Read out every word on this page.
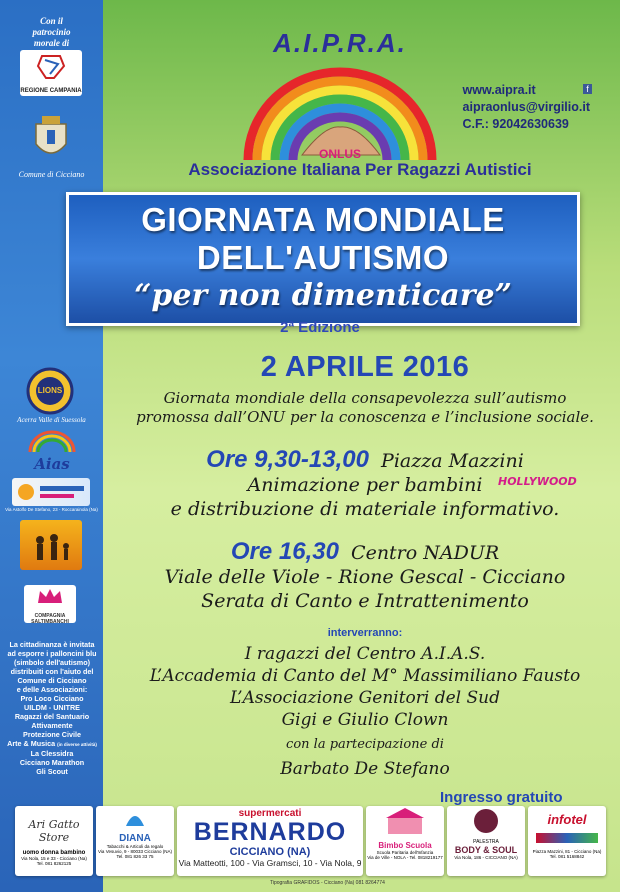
Con il
patrocinio
morale di
REGIONE CAMPANIA
Comune di Cicciano
LIONS
Acerra Valle di Suessola
Aias
Via Astolfo De Stefano, 23 - Roccarainola (Na)
COMPAGNIA SALTIMBANCHI
La cittadinanza è invitata
ad esporre i palloncini blu
(simbolo dell'autismo)
distribuiti con l'aiuto del
Comune di Cicciano
e delle Associazioni:
Pro Loco Cicciano
UILDM - UNITRE
Ragazzi del Santuario
Attivamente
Protezione Civile
Arte & Musica (in diverse attività)
La Clessidra
Cicciano Marathon
Gli Scout
A.I.P.R.A.
ONLUS
Associazione Italiana Per Ragazzi Autistici
www.aipra.it
aipraonlus@virgilio.it
C.F.: 92042630639
f
GIORNATA MONDIALE
DELL'AUTISMO
“per non dimenticare”
2ª Edizione
2 APRILE 2016
Giornata mondiale della consapevolezza sull’autismo
promossa dall’ONU per la conoscenza e l’inclusione sociale.
Ore 9,30-13,00 Piazza Mazzini
Animazione per bambini
e distribuzione di materiale informativo.
HOLLYWOOD
Ore 16,30 Centro NADUR
Viale delle Viole - Rione Gescal - Cicciano
Serata di Canto e Intrattenimento
interverranno:
I ragazzi del Centro A.I.A.S.
L’Accademia di Canto del M° Massimiliano Fausto
L’Associazione Genitori del Sud
Gigi e Giulio Clown
con la partecipazione di
Barbato De Stefano
Ingresso gratuito
Ari Gatto Store
uomo donna bambino
Via Nola, 15 e 33 - Cicciano (Na)
Tel. 081 8262125
DIANA
Tabacchi & Articoli da regalo
Via Vesuvio, 9 - 80033 Cicciano (NA)
Tel. 081 826 33 75
supermercati
BERNARDO
CICCIANO (NA)
Via Matteotti, 100 - Via Gramsci, 10 - Via Nola, 9
Bimbo Scuola
Scuola Paritaria dell'Infanzia
Via de Ville - NOLA - Tel. 0818219177
PALESTRA
BODY & SOUL
Via Nola, 186 - CICCIANO (NA)
infotel
Piazza Mazzini, 81 - Cicciano (Na)
Tel. 081 5168842
Tipografia GRAFIDOS - Cicciano (Na) 081 8264774
